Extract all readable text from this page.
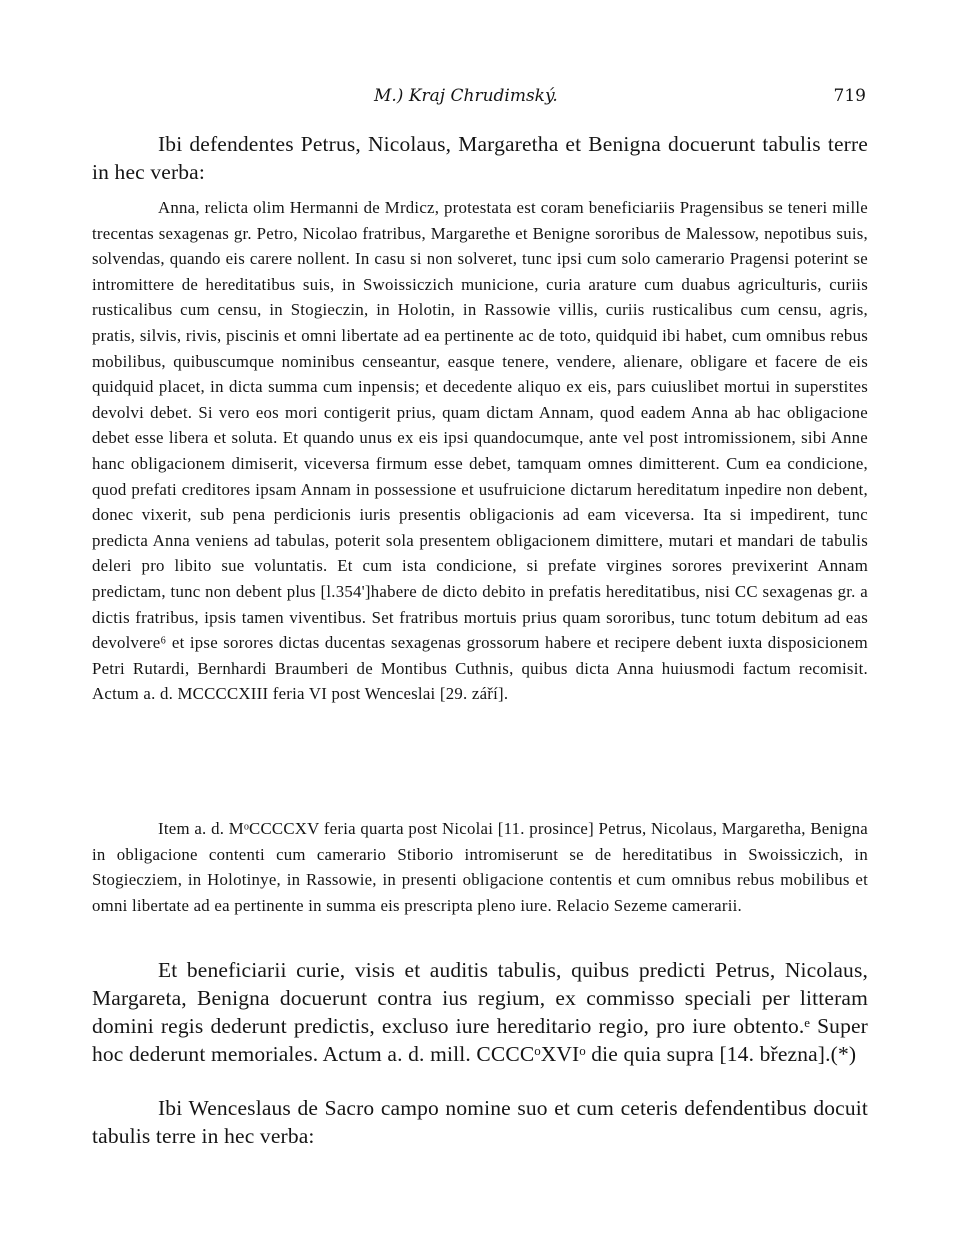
M.) Kraj Chrudimský.	719

Ibi defendentes Petrus, Nicolaus, Margaretha et Benigna docuerunt tabulis terre in hec verba:

Anna, relicta olim Hermanni de Mrdicz, protestata est coram beneficiariis Pragensibus se teneri mille trecentas sexagenas gr. Petro, Nicolao fratribus, Margarethe et Benigne sororibus de Malessow, nepotibus suis, solvendas, quando eis carere nollent. In casu si non solveret, tunc ipsi cum solo camerario Pragensi poterint se intromittere de hereditatibus suis, in Swoissiczich municione, curia arature cum duabus agriculturis, curiis rusticalibus cum censu, in Stogieczin, in Holotin, in Rassowie villis, curiis rusticalibus cum censu, agris, pratis, silvis, rivis, piscinis et omni libertate ad ea pertinente ac de toto, quidquid ibi habet, cum omnibus rebus mobilibus, quibuscumque nominibus censeantur, easque tenere, vendere, alienare, obligare et facere de eis quidquid placet, in dicta summa cum inpensis; et decedente aliquo ex eis, pars cuiuslibet mortui in superstites devolvi debet. Si vero eos mori contigerit prius, quam dictam Annam, quod eadem Anna ab hac obligacione debet esse libera et soluta. Et quando unus ex eis ipsi quandocumque, ante vel post intromissionem, sibi Anne hanc obligacionem dimiserit, viceversa firmum esse debet, tamquam omnes dimitterent. Cum ea condicione, quod prefati creditores ipsam Annam in possessione et usufruicione dictarum hereditatum inpedire non debent, donec vixerit, sub pena perdicionis iuris presentis obligacionis ad eam viceversa. Ita si impedirent, tunc predicta Anna veniens ad tabulas, poterit sola presentem obligacionem dimittere, mutari et mandari de tabulis deleri pro libito sue voluntatis. Et cum ista condicione, si prefate virgines sorores previxerint Annam predictam, tunc non debent plus [l.354']habere de dicto debito in prefatis hereditatibus, nisi CC sexagenas gr. a dictis fratribus, ipsis tamen viventibus. Set fratribus mortuis prius quam sororibus, tunc totum debitum ad eas devolvere⁶ et ipse sorores dictas ducentas sexagenas grossorum habere et recipere debent iuxta disposicionem Petri Rutardi, Bernhardi Braumberi de Montibus Cuthnis, quibus dicta Anna huiusmodi factum recomisit. Actum a. d. MCCCCXIII feria VI post Wenceslai [29. září].

Item a. d. MᵒCCCCXV feria quarta post Nicolai [11. prosince] Petrus, Nicolaus, Margaretha, Benigna in obligacione contenti cum camerario Stiborio intromiserunt se de hereditatibus in Swoissiczich, in Stogiecziem, in Holotinye, in Rassowie, in presenti obligacione contentis et cum omnibus rebus mobilibus et omni libertate ad ea pertinente in summa eis prescripta pleno iure. Relacio Sezeme camerarii.

Et beneficiarii curie, visis et auditis tabulis, quibus predicti Petrus, Nicolaus, Margareta, Benigna docuerunt contra ius regium, ex commisso speciali per litteram domini regis dederunt predictis, excluso iure hereditario regio, pro iure obtento.ᵉ Super hoc dederunt memoriales. Actum a. d. mill. CCCCᵒXVIᵒ die quia supra [14. března].(*)

Ibi Wenceslaus de Sacro campo nomine suo et cum ceteris defendentibus docuit tabulis terre in hec verba:
